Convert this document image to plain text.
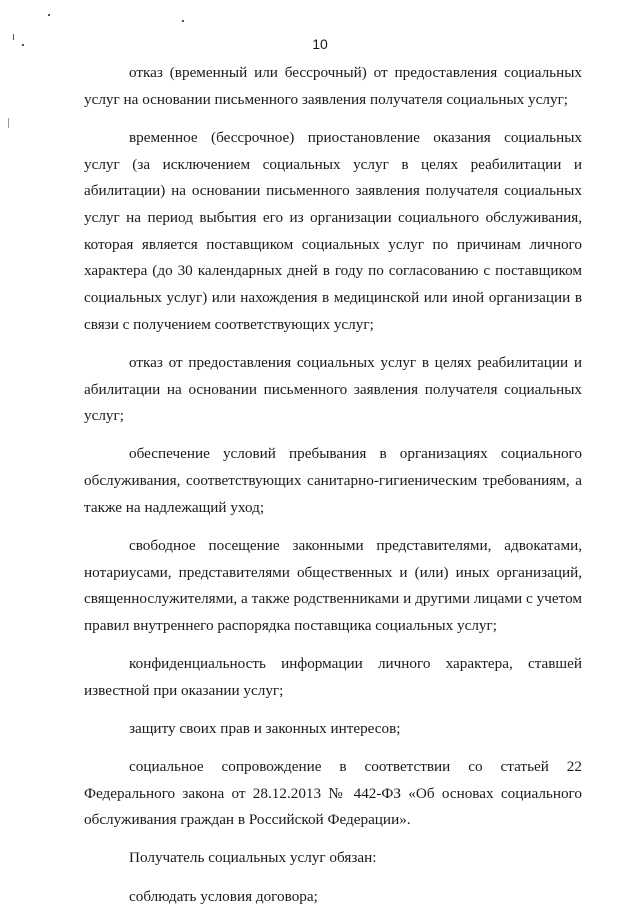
10

отказ (временный или бессрочный) от предоставления социальных услуг на основании письменного заявления получателя социальных услуг;

временное (бессрочное) приостановление оказания социальных услуг (за исключением социальных услуг в целях реабилитации и абилитации) на основании письменного заявления получателя социальных услуг на период выбытия его из организации социального обслуживания, которая является поставщиком социальных услуг по причинам личного характера (до 30 календарных дней в году по согласованию с поставщиком социальных услуг) или нахождения в медицинской или иной организации в связи с получением соответствующих услуг;

отказ от предоставления социальных услуг в целях реабилитации и абилитации на основании письменного заявления получателя социальных услуг;

обеспечение условий пребывания в организациях социального обслуживания, соответствующих санитарно-гигиеническим требованиям, а также на надлежащий уход;

свободное посещение законными представителями, адвокатами, нотариусами, представителями общественных и (или) иных организаций, священнослужителями, а также родственниками и другими лицами с учетом правил внутреннего распорядка поставщика социальных услуг;

конфиденциальность информации личного характера, ставшей известной при оказании услуг;

защиту своих прав и законных интересов;

социальное сопровождение в соответствии со статьей 22 Федерального закона от 28.12.2013 № 442-ФЗ «Об основах социального обслуживания граждан в Российской Федерации».

Получатель социальных услуг обязан:

соблюдать условия договора;
